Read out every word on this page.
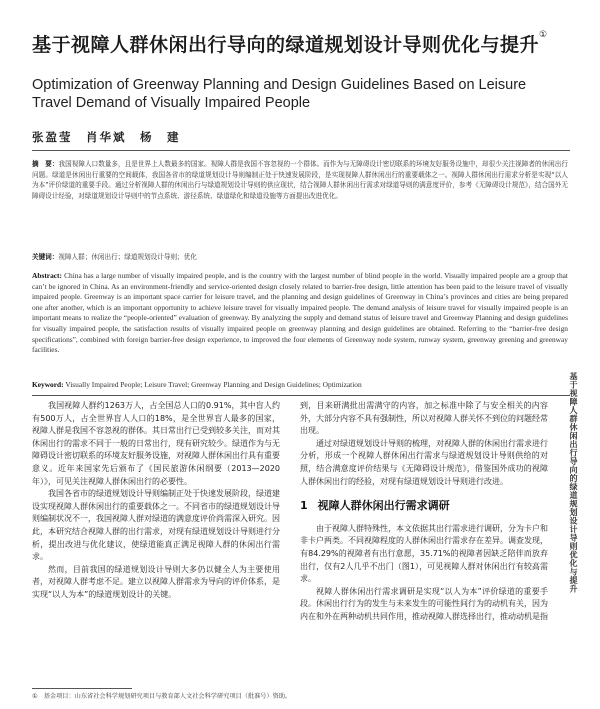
基于视障人群休闲出行导向的绿道规划设计导则优化与提升①
Optimization of Greenway Planning and Design Guidelines Based on Leisure Travel Demand of Visually Impaired People
张盈莹　肖华斌　杨　建
摘　要：我国视障人口数量多，且是世界上人数最多的国家。视障人群是我国不容忽视的一个群体。而作为与无障碍设计密切联系的环境友好服务设施中，却很少关注视障者的休闲出行问题。绿道是休闲出行重要的空间载体，我国各省市的绿道规划设计导则编制正处于快速发展阶段，是实现视障人群休闲出行的重要载体之一。视障人群休闲出行需求分析是实现“以人为本”评价绿道的重要手段。通过分析视障人群的休闲出行与绿道规划设计导则的供应现状，结合视障人群休闲出行需求对绿道导则的满意度评价，参考《无障碍设计规范》，结合国外无障碍设计经验，对绿道规划设计导则中的节点系统、游径系统、绿道绿化和绿道设施等方面提出改进优化。
关键词：视障人群；休闲出行；绿道规划设计导则；优化
Abstract: China has a large number of visually impaired people, and is the country with the largest number of blind people in the world. Visually impaired people are a group that can’t be ignored in China. As an environment-friendly and service-oriented design closely related to barrier-free design, little attention has been paid to the leisure travel of visually impaired people. Greenway is an important space carrier for leisure travel, and the planning and design guidelines of Greenway in China’s provinces and cities are being prepared one after another, which is an important opportunity to achieve leisure travel for visually impaired people. The demand analysis of leisure travel for visually impaired people is an important means to realize the “people-oriented” evaluation of greenway. By analyzing the supply and demand status of leisure travel and Greenway Planning and design guidelines for visually impaired people, the satisfaction results of visually impaired people on greenway planning and design guidelines are obtained. Referring to the “barrier-free design specifications”, combined with foreign barrier-free design experience, to improved the four elements of Greenway node system, runway system, greenway greening and greenway facilities.
Keyword: Visually Impaired People; Leisure Travel; Greenway Planning and Design Guidelines; Optimization

我国视障人群约1263万人，占全国总人口的0.91%，其中盲人约有500万人，占全世界盲人人口的18%，是全世界盲人最多的国家，视障人群是我国不容忽视的群体。其日常出行已受到较多关注，而对其休闲出行的需求不同于一般的日常出行，现有研究较少。绿道作为与无障碍设计密切联系的环境友好服务设施，对视障人群休闲出行具有重要意义。近年来国家先后颁布了《国民旅游休闲纲要（2013—2020年）》，可见关注视障人群休闲出行的必要性。

我国各省市的绿道规划设计导则编制正处于快速发展阶段，绿道建设实现视障人群休闲出行的重要载体之一。不同省市的绿道规划设计导则编制状况不一，我国视障人群对绿道的满意度评价尚需深入研究。因此，本研究结合视障人群的出行需求，对现有绿道规划设计导则进行分析，提出改进与优化建议，使绿道能真正满足视障人群的休闲出行需求。

然而，目前我国的绿道规划设计导则大多仍以健全人为主要使用者，对视障人群考虑不足。建立以视障人群需求为导向的评价体系，是实现“以人为本”的绿道规划设计的关键。

到，目来研满批出需满守的内容，加之标准中除了与安全相关的内容外，大部分内容不具有强制性，所以对视障人群关怀不到位的问题经常出现。

通过对绿道规划设计导则的梳理，对视障人群的休闲出行需求进行分析，形成一个视障人群休闲出行需求与绿道规划设计导则供给的对照，结合满意度评价结果与《无障碍设计规范》，借鉴国外成功的视障人群休闲出行的经验，对现有绿道规划设计导则进行改进。

1 视障人群休闲出行需求调研

由于视障人群特殊性，本文依据其出行需求进行调研，分为卡户和非卡户两类。不同视障程度的人群休闲出行需求存在差异。调查发现，有84.29%的视障者有出行意愿，35.71%的视障者因缺乏陪伴而放弃出行，仅有2人几乎不出门（图1），可见视障人群对休闲出行有较高需求。

视障人群休闲出行需求调研是实现“以人为本”评价绿道的重要手段。休闲出行行为的发生与未来发生的可能性间行为的动机有关，因为内在和外在两种动机共同作用，推动视障人群选择出行，推动动机是指

基于视障人群休闲出行导向的绿道规划设计导则优化与提升
①　基金项目：山东省社会科学规划研究项目与教育部人文社会科学研究项目（批准号）资助。
